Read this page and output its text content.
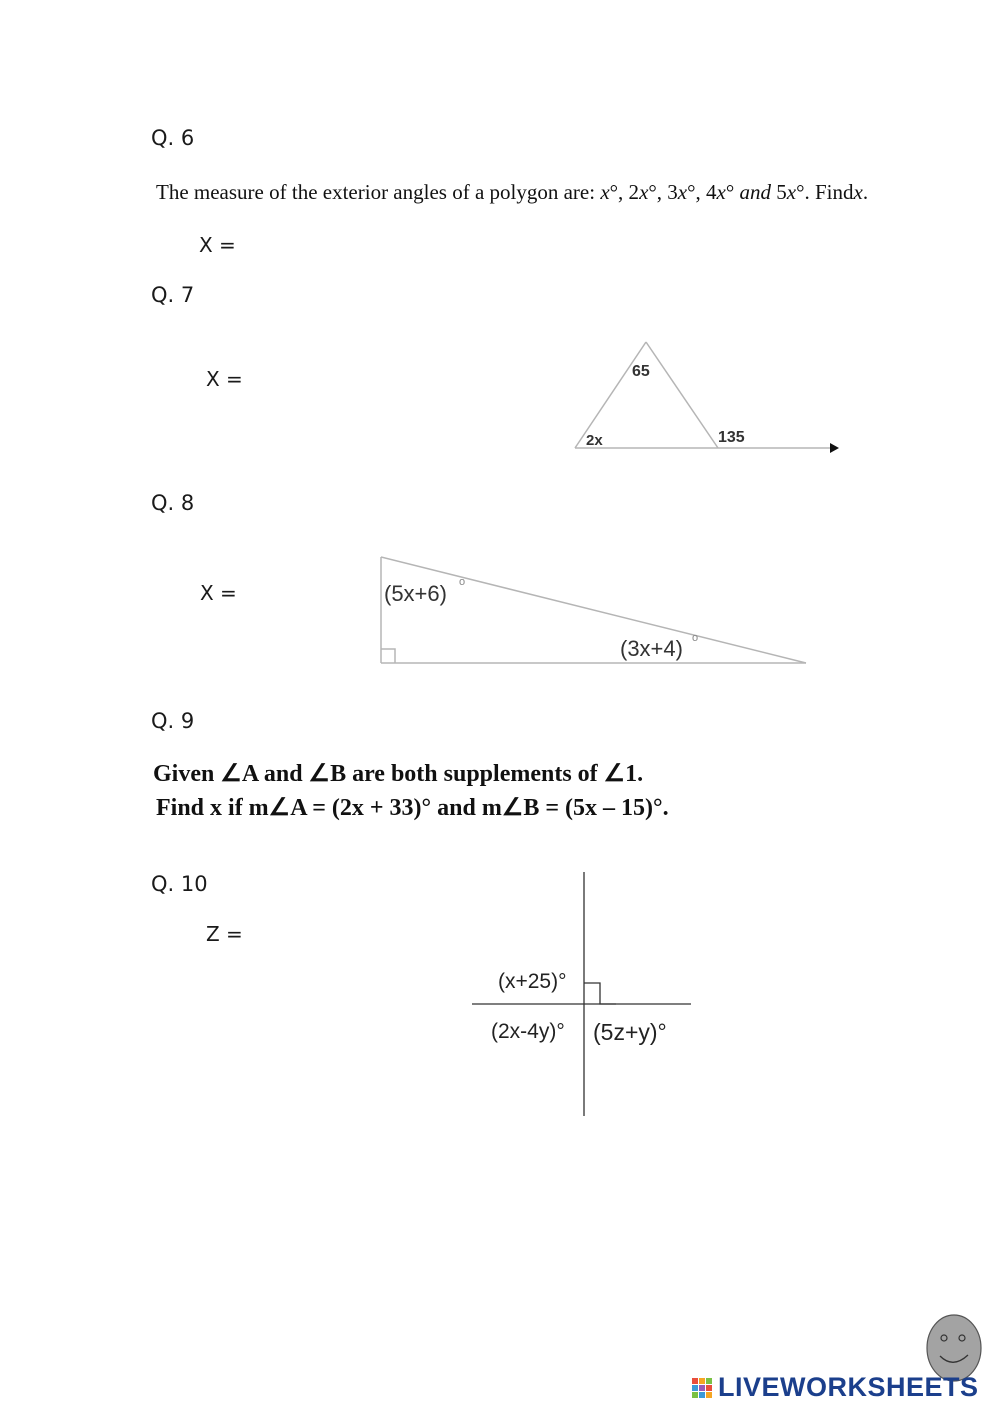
Q. 6
The measure of the exterior angles of a polygon are: x°, 2x°, 3x°, 4x° and 5x°. Findx.
X =
Q. 7
X =	65
2x	135
Q. 8
X =	(5x+6)
(3x+4)
o
o
Q. 9
Given ∠A and ∠B are both supplements of ∠1.
Find x if m∠A = (2x + 33)° and m∠B = (5x – 15)°.
Q. 10
Z =
(x+25)°
(2x-4y)° (5z+y)°
LIVEWORKSHEETS
